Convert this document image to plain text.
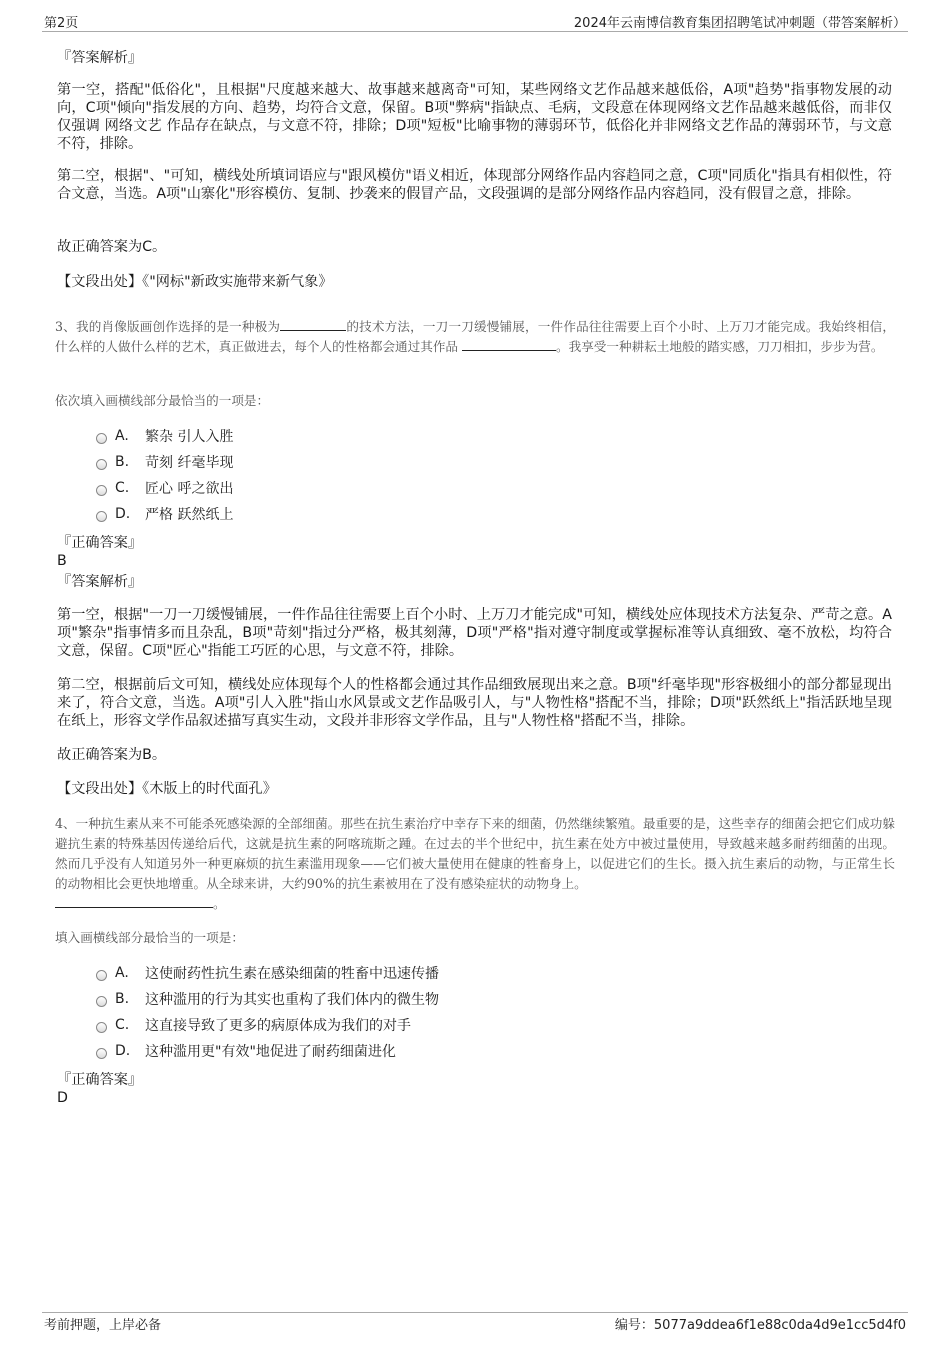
第2页	2024年云南博信教育集团招聘笔试冲刺题（带答案解析）
『答案解析』
第一空，搭配"低俗化"，且根据"尺度越来越大、故事越来越离奇"可知，某些网络文艺作品越来越低俗，A项"趋势"指事物发展的动向，C项"倾向"指发展的方向、趋势，均符合文意，保留。B项"弊病"指缺点、毛病，文段意在体现网络文艺作品越来越低俗，而非仅仅强调 网络文艺 作品存在缺点，与文意不符，排除；D项"短板"比喻事物的薄弱环节，低俗化并非网络文艺作品的薄弱环节，与文意不符，排除。
第二空，根据"、"可知，横线处所填词语应与"跟风模仿"语义相近，体现部分网络作品内容趋同之意，C项"同质化"指具有相似性，符合文意，当选。A项"山寨化"形容模仿、复制、抄袭来的假冒产品，文段强调的是部分网络作品内容趋同，没有假冒之意，排除。
故正确答案为C。
【文段出处】《"网标"新政实施带来新气象》
3、我的肖像版画创作选择的是一种极为	的技术方法，一刀一刀缓慢铺展，一件作品往往需要上百个小时、上万刀才能完成。我始终相信，什么样的人做什么样的艺术，真正做进去，每个人的性格都会通过其作品	。我享受一种耕耘土地般的踏实感，刀刀相扣，步步为营。
依次填入画横线部分最恰当的一项是：
A.	繁杂 引人入胜
B.	苛刻 纤毫毕现
C.	匠心 呼之欲出
D.	严格 跃然纸上
『正确答案』
B
『答案解析』
第一空，根据"一刀一刀缓慢铺展，一件作品往往需要上百个小时、上万刀才能完成"可知，横线处应体现技术方法复杂、严苛之意。A项"繁杂"指事情多而且杂乱，B项"苛刻"指过分严格，极其刻薄，D项"严格"指对遵守制度或掌握标准等认真细致、毫不放松，均符合文意，保留。C项"匠心"指能工巧匠的心思，与文意不符，排除。
第二空，根据前后文可知，横线处应体现每个人的性格都会通过其作品细致展现出来之意。B项"纤毫毕现"形容极细小的部分都显现出来了，符合文意，当选。A项"引人入胜"指山水风景或文艺作品吸引人，与"人物性格"搭配不当，排除；D项"跃然纸上"指活跃地呈现在纸上，形容文学作品叙述描写真实生动，文段并非形容文学作品，且与"人物性格"搭配不当，排除。
故正确答案为B。
【文段出处】《木版上的时代面孔》
4、一种抗生素从来不可能杀死感染源的全部细菌。那些在抗生素治疗中幸存下来的细菌，仍然继续繁殖。最重要的是，这些幸存的细菌会把它们成功躲避抗生素的特殊基因传递给后代，这就是抗生素的阿喀琉斯之踵。在过去的半个世纪中，抗生素在处方中被过量使用，导致越来越多耐药细菌的出现。然而几乎没有人知道另外一种更麻烦的抗生素滥用现象——它们被大量使用在健康的牲畜身上，以促进它们的生长。摄入抗生素后的动物，与正常生长的动物相比会更快地增重。从全球来讲，大约90%的抗生素被用在了没有感染症状的动物身上。
。
填入画横线部分最恰当的一项是：
A.	这使耐药性抗生素在感染细菌的牲畜中迅速传播
B.	这种滥用的行为其实也重构了我们体内的微生物
C.	这直接导致了更多的病原体成为我们的对手
D.	这种滥用更"有效"地促进了耐药细菌进化
『正确答案』
D
考前押题，上岸必备	编号：5077a9ddea6f1e88c0da4d9e1cc5d4f0
